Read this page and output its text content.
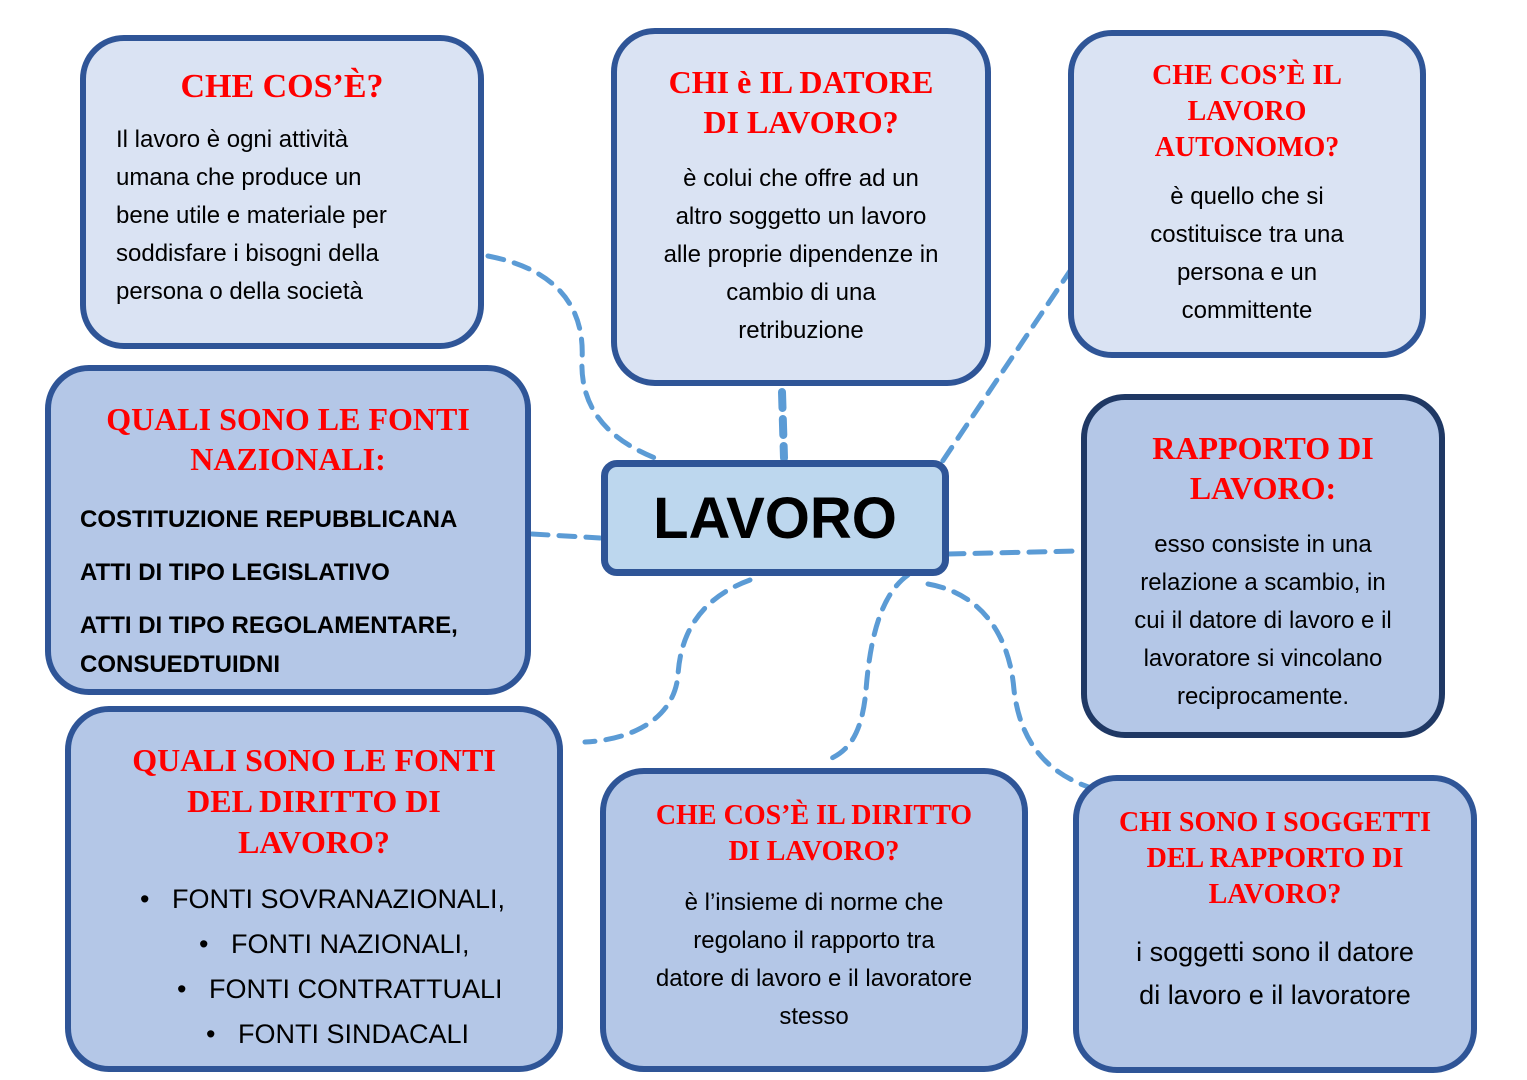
CHE COS’È?
Il lavoro è ogni attività
umana che produce un
bene utile e materiale per
soddisfare i bisogni della
persona o della società
CHI è IL DATORE
DI LAVORO?
è colui che offre ad un
altro soggetto un lavoro
alle proprie dipendenze in
cambio di una
retribuzione
CHE COS’È IL
LAVORO
AUTONOMO?
è quello che si
costituisce tra una
persona e un
committente
QUALI SONO LE FONTI
NAZIONALI:
COSTITUZIONE REPUBBLICANA
ATTI DI TIPO LEGISLATIVO
ATTI DI TIPO REGOLAMENTARE,
CONSUEDTUIDNI
LAVORO
RAPPORTO DI
LAVORO:
esso consiste in una
relazione a scambio, in
cui il datore di lavoro e il
lavoratore si vincolano
reciprocamente.
QUALI SONO LE FONTI
DEL DIRITTO DI
LAVORO?
• FONTI SOVRANAZIONALI,
• FONTI NAZIONALI,
• FONTI CONTRATTUALI
• FONTI SINDACALI
CHE COS’È IL DIRITTO
DI LAVORO?
è l’insieme di norme che
regolano il rapporto tra
datore di lavoro e il lavoratore
stesso
CHI SONO I SOGGETTI
DEL RAPPORTO DI
LAVORO?
i soggetti sono il datore
di lavoro e il lavoratore
